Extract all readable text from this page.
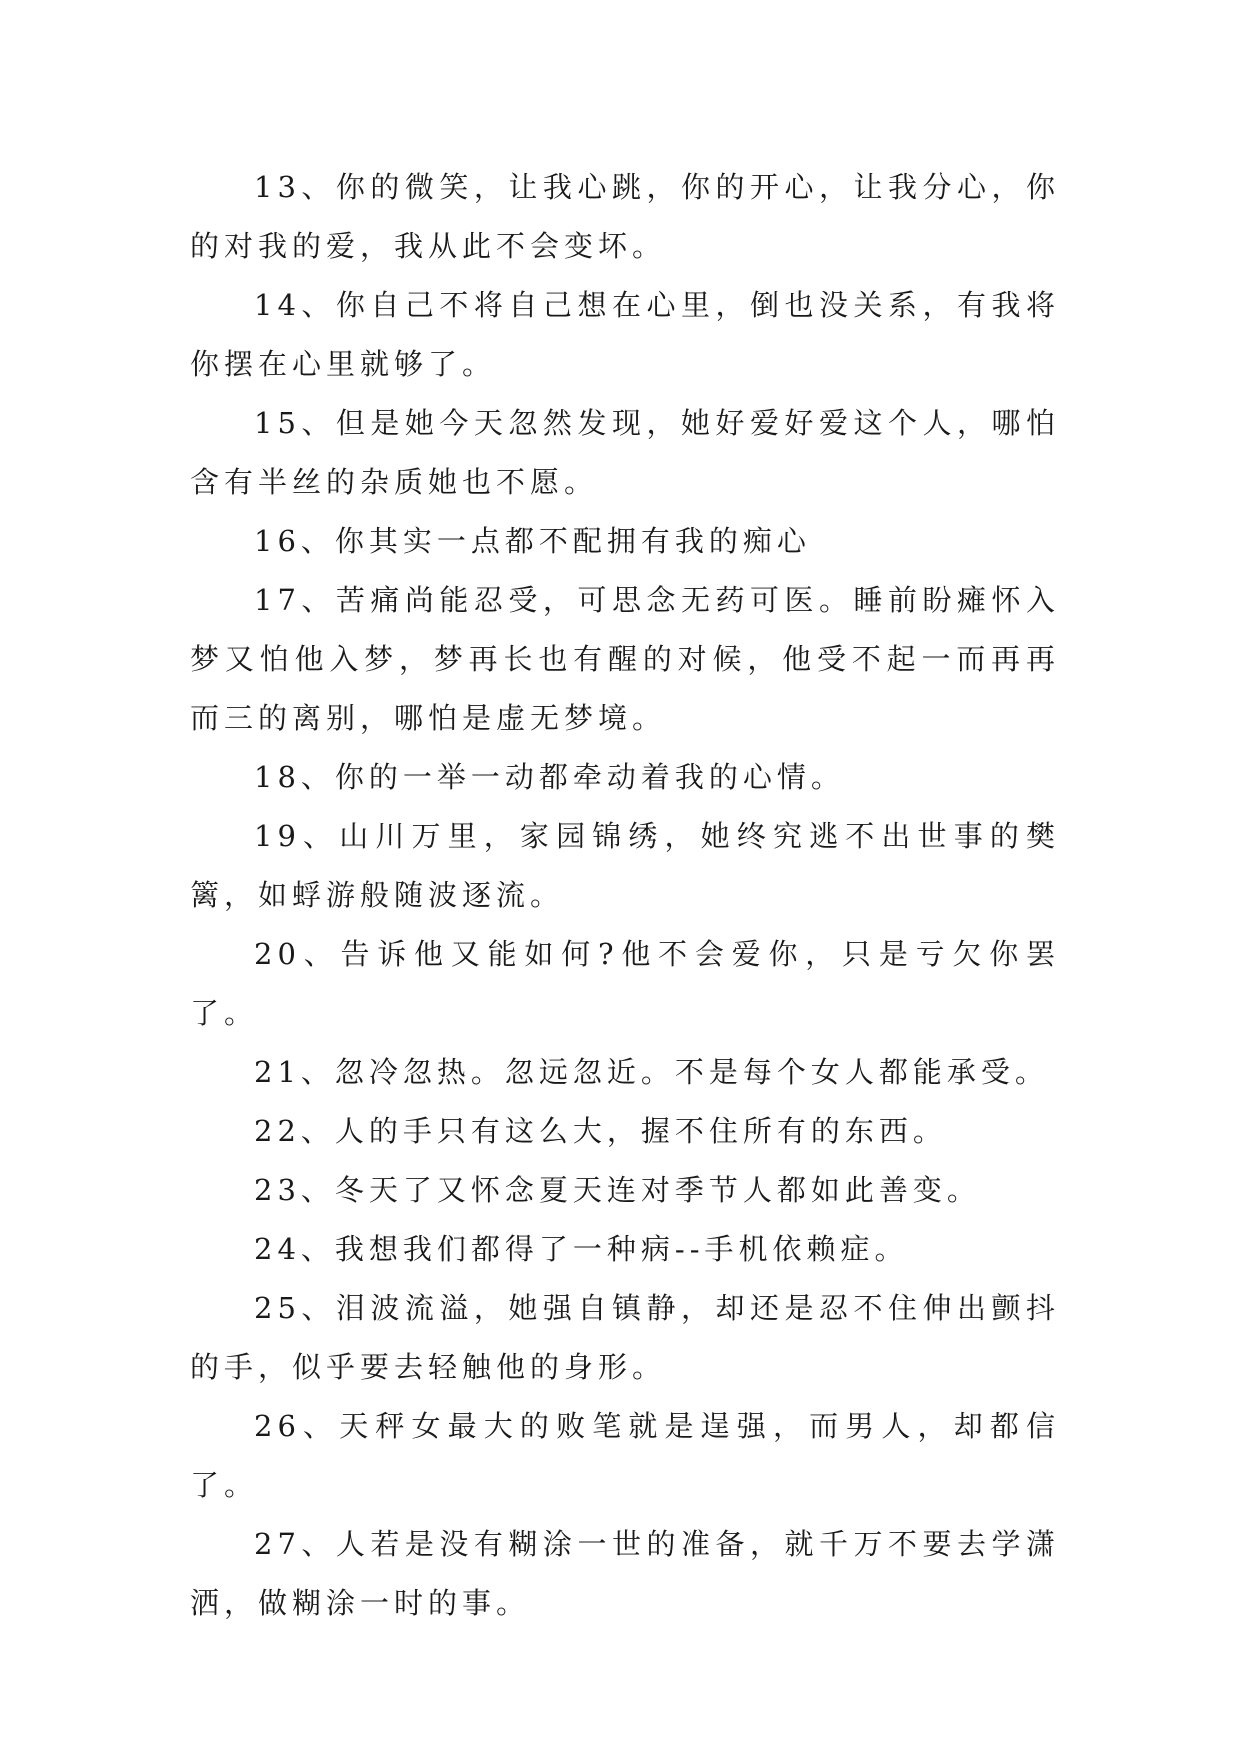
13、你的微笑，让我心跳，你的开心，让我分心，你的对我的爱，我从此不会变坏。

14、你自己不将自己想在心里，倒也没关系，有我将你摆在心里就够了。

15、但是她今天忽然发现，她好爱好爱这个人，哪怕含有半丝的杂质她也不愿。

16、你其实一点都不配拥有我的痴心

17、苦痛尚能忍受，可思念无药可医。睡前盼瘫怀入梦又怕他入梦，梦再长也有醒的对候，他受不起一而再再而三的离别，哪怕是虚无梦境。

18、你的一举一动都牵动着我的心情。

19、山川万里，家园锦绣，她终究逃不出世事的樊篱，如蜉游般随波逐流。

20、告诉他又能如何?他不会爱你，只是亏欠你罢了。

21、忽冷忽热。忽远忽近。不是每个女人都能承受。

22、人的手只有这么大，握不住所有的东西。

23、冬天了又怀念夏天连对季节人都如此善变。

24、我想我们都得了一种病--手机依赖症。

25、泪波流溢，她强自镇静，却还是忍不住伸出颤抖的手，似乎要去轻触他的身形。

26、天秤女最大的败笔就是逞强，而男人，却都信了。

27、人若是没有糊涂一世的准备，就千万不要去学潇洒，做糊涂一时的事。
